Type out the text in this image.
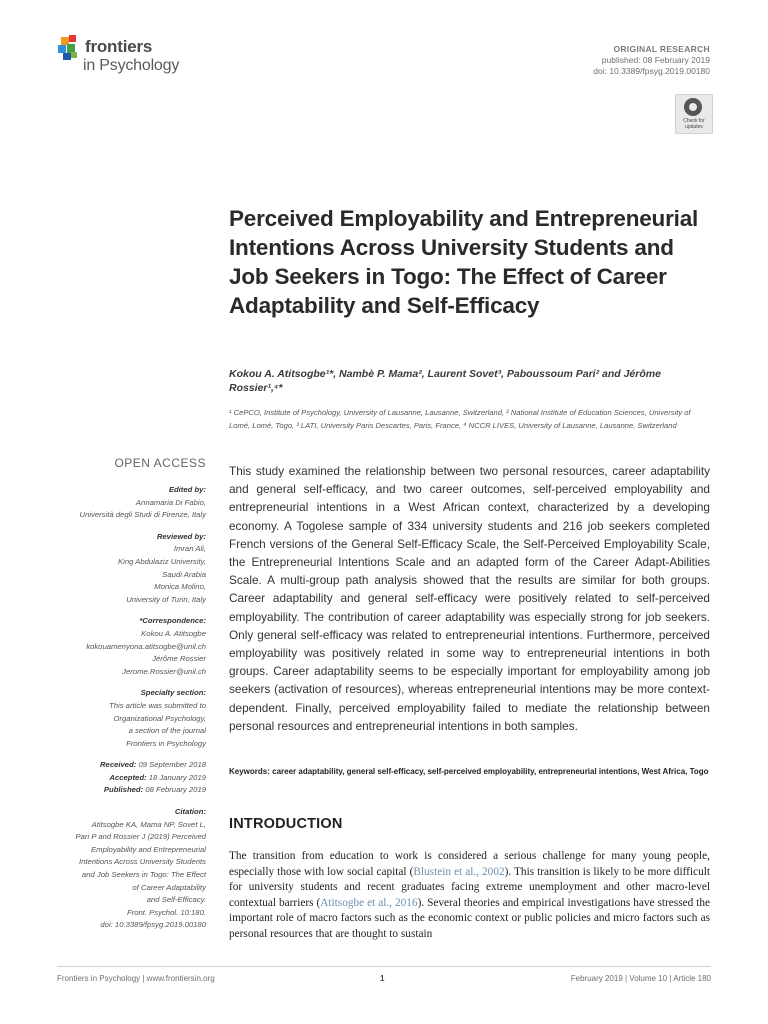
frontiers
in Psychology
ORIGINAL RESEARCH
published: 08 February 2019
doi: 10.3389/fpsyg.2019.00180
Check for
updates
Perceived Employability and Entrepreneurial Intentions Across University Students and Job Seekers in Togo: The Effect of Career Adaptability and Self-Efficacy
Kokou A. Atitsogbe¹*, Nambè P. Mama², Laurent Sovet³, Paboussoum Pari² and Jérôme Rossier¹,⁴*
¹ CePCO, Institute of Psychology, University of Lausanne, Lausanne, Switzerland, ² National Institute of Education Sciences, University of Lomé, Lomé, Togo, ³ LATI, University Paris Descartes, Paris, France, ⁴ NCCR LIVES, University of Lausanne, Lausanne, Switzerland
OPEN ACCESS
Edited by:
Annamaria Di Fabio,
Università degli Studi di Firenze, Italy
Reviewed by:
Imran Ali,
King Abdulaziz University,
Saudi Arabia
Monica Molino,
University of Turin, Italy
*Correspondence:
Kokou A. Atitsogbe
kokouamenyona.atitsogbe@unil.ch
Jérôme Rossier
Jerome.Rossier@unil.ch
Specialty section:
This article was submitted to
Organizational Psychology,
a section of the journal
Frontiers in Psychology
Received: 09 September 2018
Accepted: 18 January 2019
Published: 08 February 2019
Citation:
Atitsogbe KA, Mama NP, Sovet L,
Pari P and Rossier J (2019) Perceived
Employability and Entrepreneurial
Intentions Across University Students
and Job Seekers in Togo: The Effect
of Career Adaptability
and Self-Efficacy.
Front. Psychol. 10:180.
doi: 10.3389/fpsyg.2019.00180

This study examined the relationship between two personal resources, career adaptability and general self-efficacy, and two career outcomes, self-perceived employability and entrepreneurial intentions in a West African context, characterized by a developing economy. A Togolese sample of 334 university students and 216 job seekers completed French versions of the General Self-Efficacy Scale, the Self-Perceived Employability Scale, the Entrepreneurial Intentions Scale and an adapted form of the Career Adapt-Abilities Scale. A multi-group path analysis showed that the results are similar for both groups. Career adaptability and general self-efficacy were positively related to self-perceived employability. The contribution of career adaptability was especially strong for job seekers. Only general self-efficacy was related to entrepreneurial intentions. Furthermore, perceived employability was positively related in some way to entrepreneurial intentions in both groups. Career adaptability seems to be especially important for employability among job seekers (activation of resources), whereas entrepreneurial intentions may be more context-dependent. Finally, perceived employability failed to mediate the relationship between personal resources and entrepreneurial intentions in both samples.

Keywords: career adaptability, general self-efficacy, self-perceived employability, entrepreneurial intentions, West Africa, Togo
INTRODUCTION

The transition from education to work is considered a serious challenge for many young people, especially those with low social capital (Blustein et al., 2002). This transition is likely to be more difficult for university students and recent graduates facing extreme unemployment and other macro-level contextual barriers (Atitsogbe et al., 2016). Several theories and empirical investigations have stressed the important role of macro factors such as the economic context or public policies and micro factors such as personal resources that are thought to sustain

Frontiers in Psychology | www.frontiersin.org	1	February 2019 | Volume 10 | Article 180
